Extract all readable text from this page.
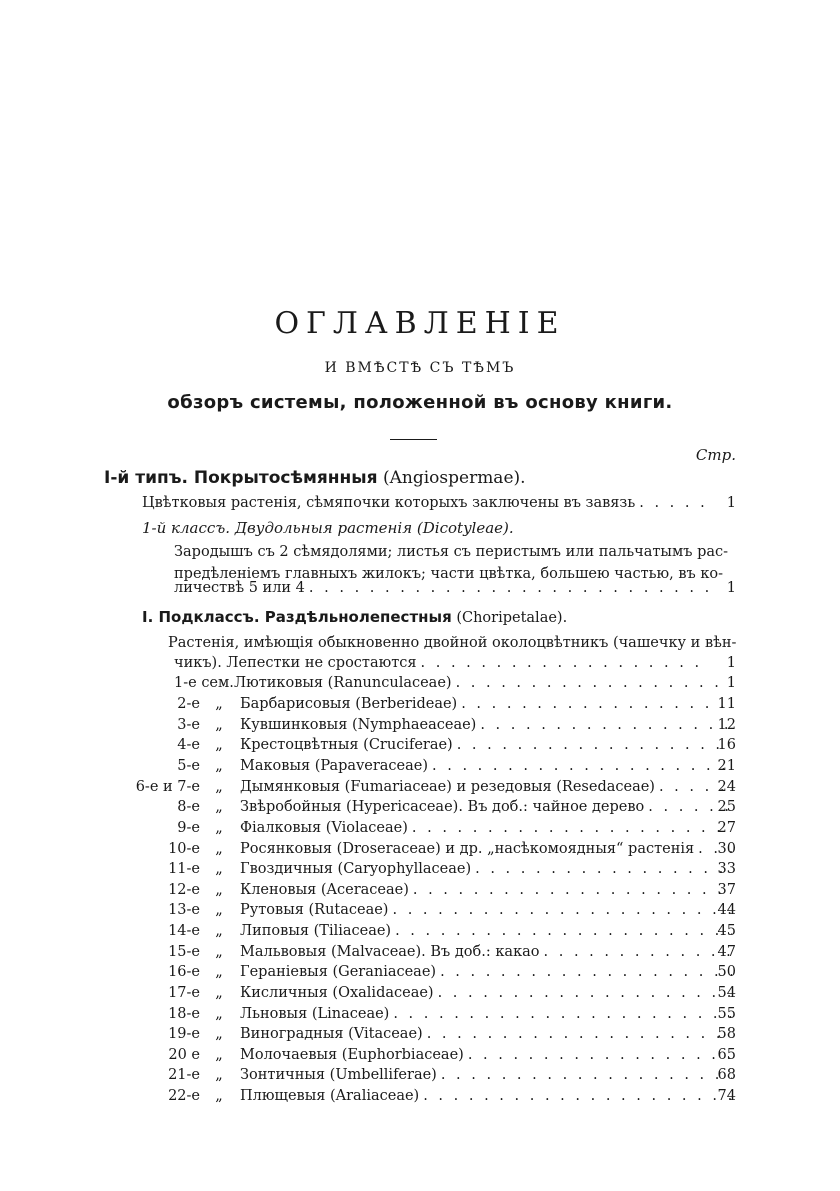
ОГЛАВЛЕНІЕ
И ВМѢСТѢ СЪ ТѢМЪ
обзоръ системы, положенной въ основу книги.
Стр.
І-й типъ. Покрытосѣмянныя (Angiospermae).
Цвѣтковыя растенія, сѣмяпочки которыхъ заключены въ завязь . . .	1
1-й классъ. Двудольныя растенія (Dicotyleae).
Зародышъ съ 2 сѣмядолями; листья съ перистымъ или пальчатымъ рас-
предѣленіемъ главныхъ жилокъ; части цвѣтка, большею частью, въ ко-
личествѣ 5 или 4 . . .	1
I. Подклассъ. Раздѣльнолепестныя (Choripetalae).
Растенія, имѣющія обыкновенно двойной околоцвѣтникъ (чашечку и вѣн-
чикъ). Лепестки не сростаются . . .	1
1-е сем. Лютиковыя (Ranunculaceae) . . .	1
2-е „ Барбарисовыя (Berberideae) . . .	11
3-е „ Кувшинковыя (Nymphaeaceae) . . .	12
4-е „ Крестоцвѣтныя (Cruciferae) . . .	16
5-е „ Маковыя (Papaveraceae) . . .	21
6-е и 7-е „ Дымянковыя (Fumariaceae) и резедовыя (Resedaceae) . . .	24
8-е „ Звѣробойныя (Hypericaceae). Въ доб.: чайное дерево . . .	25
9-е „ Фіалковыя (Violaceae) . . .	27
10-е „ Росянковыя (Droseraceae) и др. „насѣкомоядныя“ растенія . . .	30
11-е „ Гвоздичныя (Caryophyllaceae) . . .	33
12-е „ Кленовыя (Aceraceae) . . .	37
13-е „ Рутовыя (Rutaceae) . . .	44
14-е „ Липовыя (Tiliaceae) . . .	45
15-е „ Мальвовыя (Malvaceae). Въ доб.: какао . . .	47
16-е „ Гераніевыя (Geraniaceae) . . .	50
17-е „ Кисличныя (Oxalidaceae) . . .	54
18-е „ Льновыя (Linaceae) . . .	55
19-е „ Виноградныя (Vitaceae) . . .	58
20 е „ Молочаевыя (Euphorbiaceae) . . .	65
21-е „ Зонтичныя (Umbelliferae) . . .	68
22-е „ Плющевыя (Araliaceae) . . .	74
